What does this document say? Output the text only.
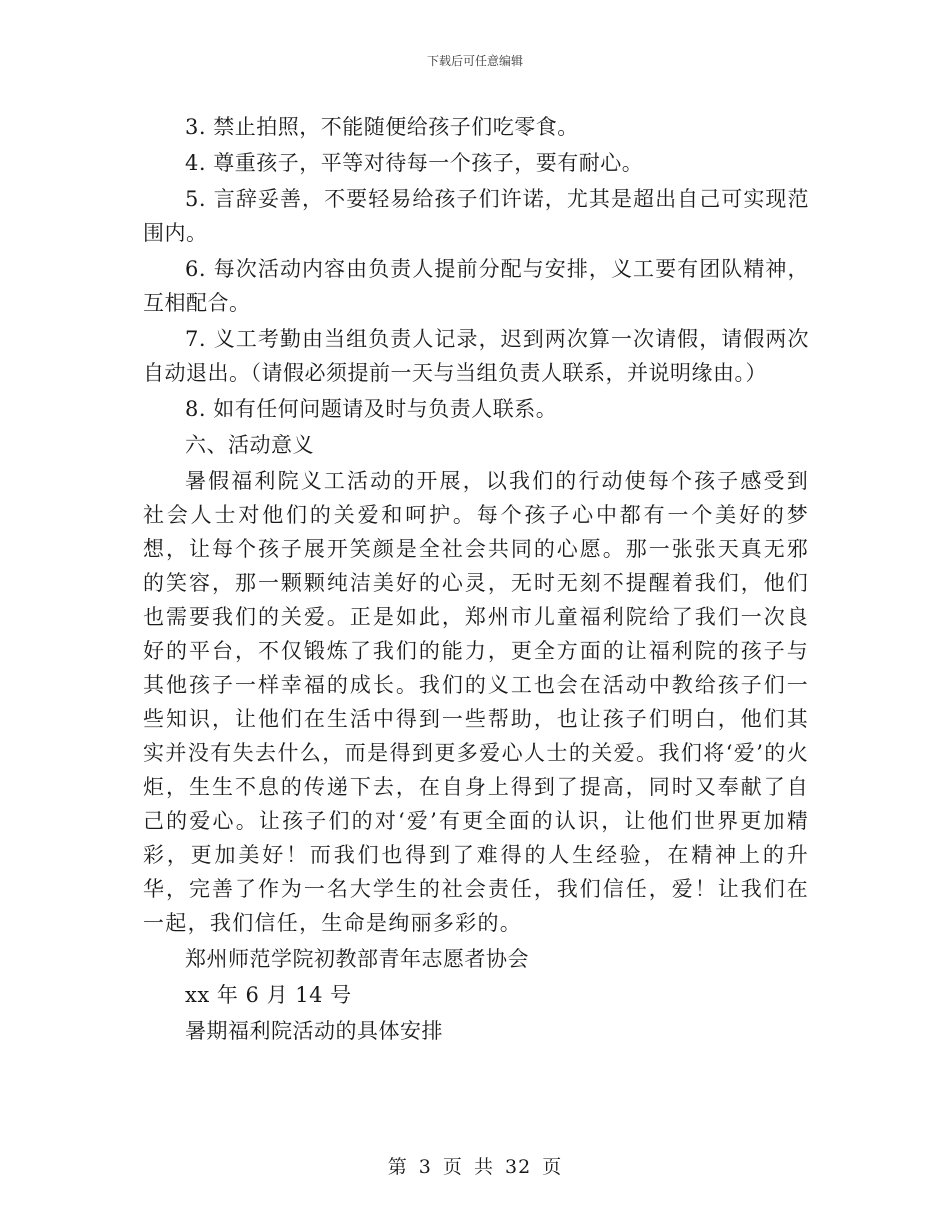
下载后可任意编辑

3. 禁止拍照，不能随便给孩子们吃零食。

4. 尊重孩子，平等对待每一个孩子，要有耐心。

5. 言辞妥善，不要轻易给孩子们许诺，尤其是超出自己可实现范围内。

6. 每次活动内容由负责人提前分配与安排，义工要有团队精神，互相配合。

7. 义工考勤由当组负责人记录，迟到两次算一次请假，请假两次自动退出。（请假必须提前一天与当组负责人联系，并说明缘由。）

8. 如有任何问题请及时与负责人联系。

六、活动意义

暑假福利院义工活动的开展，以我们的行动使每个孩子感受到社会人士对他们的关爱和呵护。每个孩子心中都有一个美好的梦想，让每个孩子展开笑颜是全社会共同的心愿。那一张张天真无邪的笑容，那一颗颗纯洁美好的心灵，无时无刻不提醒着我们，他们也需要我们的关爱。正是如此，郑州市儿童福利院给了我们一次良好的平台，不仅锻炼了我们的能力，更全方面的让福利院的孩子与其他孩子一样幸福的成长。我们的义工也会在活动中教给孩子们一些知识，让他们在生活中得到一些帮助，也让孩子们明白，他们其实并没有失去什么，而是得到更多爱心人士的关爱。我们将‘爱’的火炬，生生不息的传递下去，在自身上得到了提高，同时又奉献了自己的爱心。让孩子们的对‘爱’有更全面的认识，让他们世界更加精彩，更加美好！而我们也得到了难得的人生经验，在精神上的升华，完善了作为一名大学生的社会责任，我们信任，爱！让我们在一起，我们信任，生命是绚丽多彩的。

郑州师范学院初教部青年志愿者协会

xx 年 6 月 14 号

暑期福利院活动的具体安排

第 3 页 共 32 页
